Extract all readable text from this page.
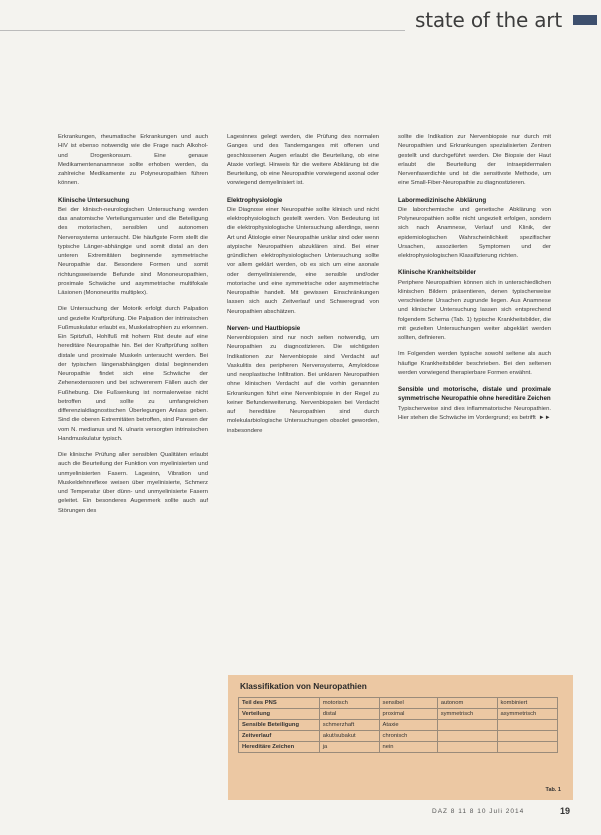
state of the art

Erkrankungen, rheumatische Erkrankungen und auch HIV ist ebenso notwendig wie die Frage nach Alkohol- und Drogenkonsum. Eine genaue Medikamentenanamnese sollte erhoben werden, da zahlreiche Medikamente zu Polyneuropathien führen können.

Klinische Untersuchung

Bei der klinisch-neurologischen Untersuchung werden das anatomische Verteilungsmuster und die Beteiligung des motorischen, sensiblen und autonomen Nervensystems untersucht. Die häufigste Form stellt die typische Länger-abhängige und somit distal an den unteren Extremitäten beginnende symmetrische Neuropathie dar. Besondere Formen und somit richtungsweisende Befunde sind Mononeuropathien, proximale Schwäche und asymmetrische multifokale Läsionen (Mononeuritis multiplex).

Die Untersuchung der Motorik erfolgt durch Palpation und gezielte Kraftprüfung. Die Palpation der intrinsischen Fußmuskulatur erlaubt es, Muskelatrophien zu erkennen. Ein Spitzfuß, Hohlfuß mit hohem Rist deute auf eine hereditäre Neuropathie hin. Bei der Kraftprüfung sollten distale und proximale Muskeln untersucht werden. Bei der typischen längenabhängigen distal beginnenden Neuropathie findet sich eine Schwäche der Zehenextensoren und bei schwererem Fällen auch der Fußhebung. Die Fußsenkung ist normalerweise nicht betroffen und sollte zu umfangreichen differenzialdiagnostischen Überlegungen Anlass geben. Sind die oberen Extremitäten betroffen, sind Paresen der vom N. medianus und N. ulnaris versorgten intrinsischen Handmuskulatur typisch.

Die klinische Prüfung aller sensiblen Qualitäten erlaubt auch die Beurteilung der Funktion von myelinisierten und unmyelinisierten Fasern. Lagesinn, Vibration und Muskeldehnreflexe weisen über myelinisierte, Schmerz und Temperatur über dünn- und unmyelinisierte Fasern geleitet. Ein besonderes Augenmerk sollte auch auf Störungen des

Lagesinnes gelegt werden, die Prüfung des normalen Ganges und des Tandemganges mit offenen und geschlossenen Augen erlaubt die Beurteilung, ob eine Ataxie vorliegt. Hinweis für die weitere Abklärung ist die Beurteilung, ob eine Neuropathie vorwiegend axonal oder vorwiegend demyelinisiert ist.

Elektrophysiologie

Die Diagnose einer Neuropathie sollte klinisch und nicht elektrophysiologisch gestellt werden. Von Bedeutung ist die elektrophysiologische Untersuchung allerdings, wenn Art und Ätiologie einer Neuropathie unklar sind oder wenn atypische Neuropathien abzuklären sind. Bei einer gründlichen elektrophysiologischen Untersuchung sollte vor allem geklärt werden, ob es sich um eine axonale oder demyelinisierende, eine sensible und/oder motorische und eine symmetrische oder asymmetrische Neuropathie handelt. Mit gewissen Einschränkungen lassen sich auch Zeitverlauf und Schweregrad von Neuropathien abschätzen.

Nerven- und Hautbiopsie

Nervenbiopsien sind nur noch selten notwendig, um Neuropathien zu diagnostizieren. Die wichtigsten Indikationen zur Nervenbiopsie sind Verdacht auf Vaskulitis des peripheren Nervensystems, Amyloidose und neoplastische Infiltration. Bei unklaren Neuropathien ohne klinischen Verdacht auf die vorhin genannten Erkrankungen führt eine Nervenbiopsie in der Regel zu keiner Befunderweiterung. Nervenbiopsien bei Verdacht auf hereditäre Neuropathien sind durch molekularbiologische Untersuchungen obsolet geworden, insbesondere

sollte die Indikation zur Nervenbiopsie nur durch mit Neuropathien und Erkrankungen spezialisierten Zentren gestellt und durchgeführt werden. Die Biopsie der Haut erlaubt die Beurteilung der intraepidermalen Nervenfaserdichte und ist die sensitivste Methode, um eine Small-Fiber-Neuropathie zu diagnostizieren.

Labormedizinische Abklärung

Die laborchemische und genetische Abklärung von Polyneuropathien sollte nicht ungezielt erfolgen, sondern sich nach Anamnese, Verlauf und Klinik, der epidemiologischen Wahrscheinlichkeit spezifischer Ursachen, assoziierten Symptomen und der elektrophysiologischen Klassifizierung richten.

Klinische Krankheitsbilder

Periphere Neuropathien können sich in unterschiedlichen klinischen Bildern präsentieren, denen typischerweise verschiedene Ursachen zugrunde liegen. Aus Anamnese und klinischer Untersuchung lassen sich entsprechend folgendem Schema (Tab. 1) typische Krankheitsbilder, die mit gezielten Untersuchungen weiter abgeklärt werden sollten, definieren.

Im Folgenden werden typische sowohl seltene als auch häufige Krankheitsbilder beschrieben. Bei den seltenen werden vorwiegend therapierbare Formen erwähnt.

Sensible und motorische, distale und proximale symmetrische Neuropathie ohne hereditäre Zeichen

Typischerweise sind dies inflammatorische Neuropathien. Hier stehen die Schwäche im Vordergrund; es betrifft ►►

Klassifikation von Neuropathien
Teil des PNS	motorisch	sensibel	autonom	kombiniert
Verteilung	distal	proximal	symmetrisch	asymmetrisch
Sensible Beteiligung	schmerzhaft	Ataxie		
Zeitverlauf	akut/subakut	chronisch		
Hereditäre Zeichen	ja	nein		
Tab. 1
DAZ 8 11 8 10 Juli 2014	19
